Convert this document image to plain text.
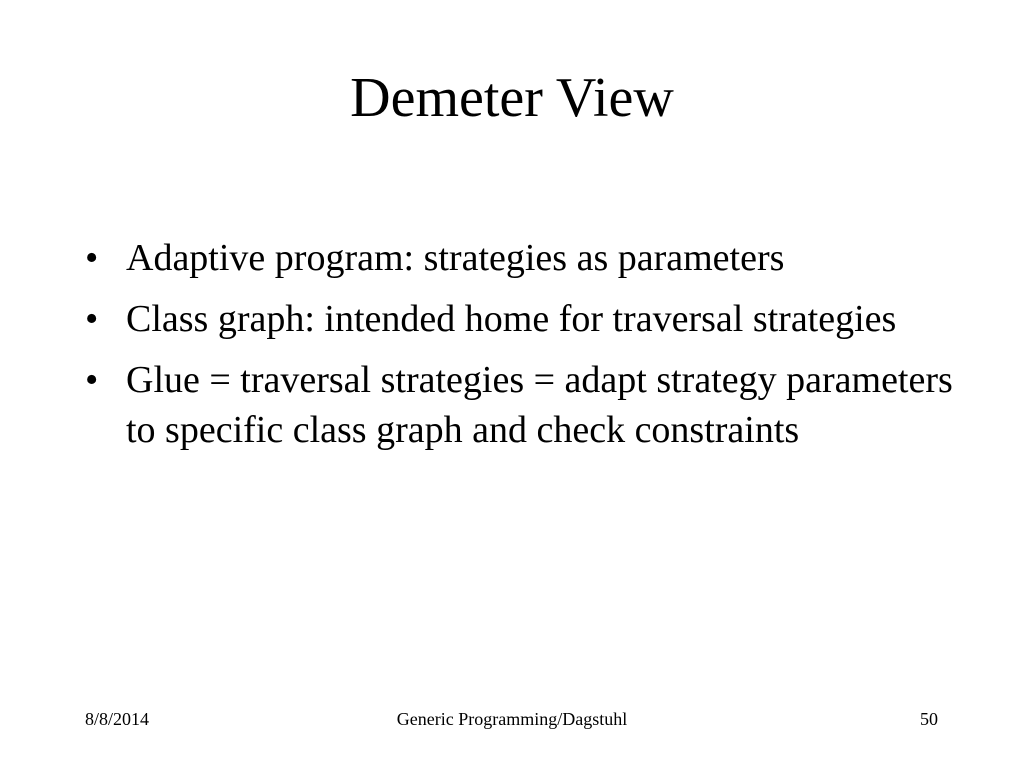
Demeter View
• Adaptive program: strategies as parameters
• Class graph: intended home for traversal strategies
• Glue = traversal strategies = adapt strategy parameters to specific class graph and check constraints
8/8/2014	Generic Programming/Dagstuhl	50
